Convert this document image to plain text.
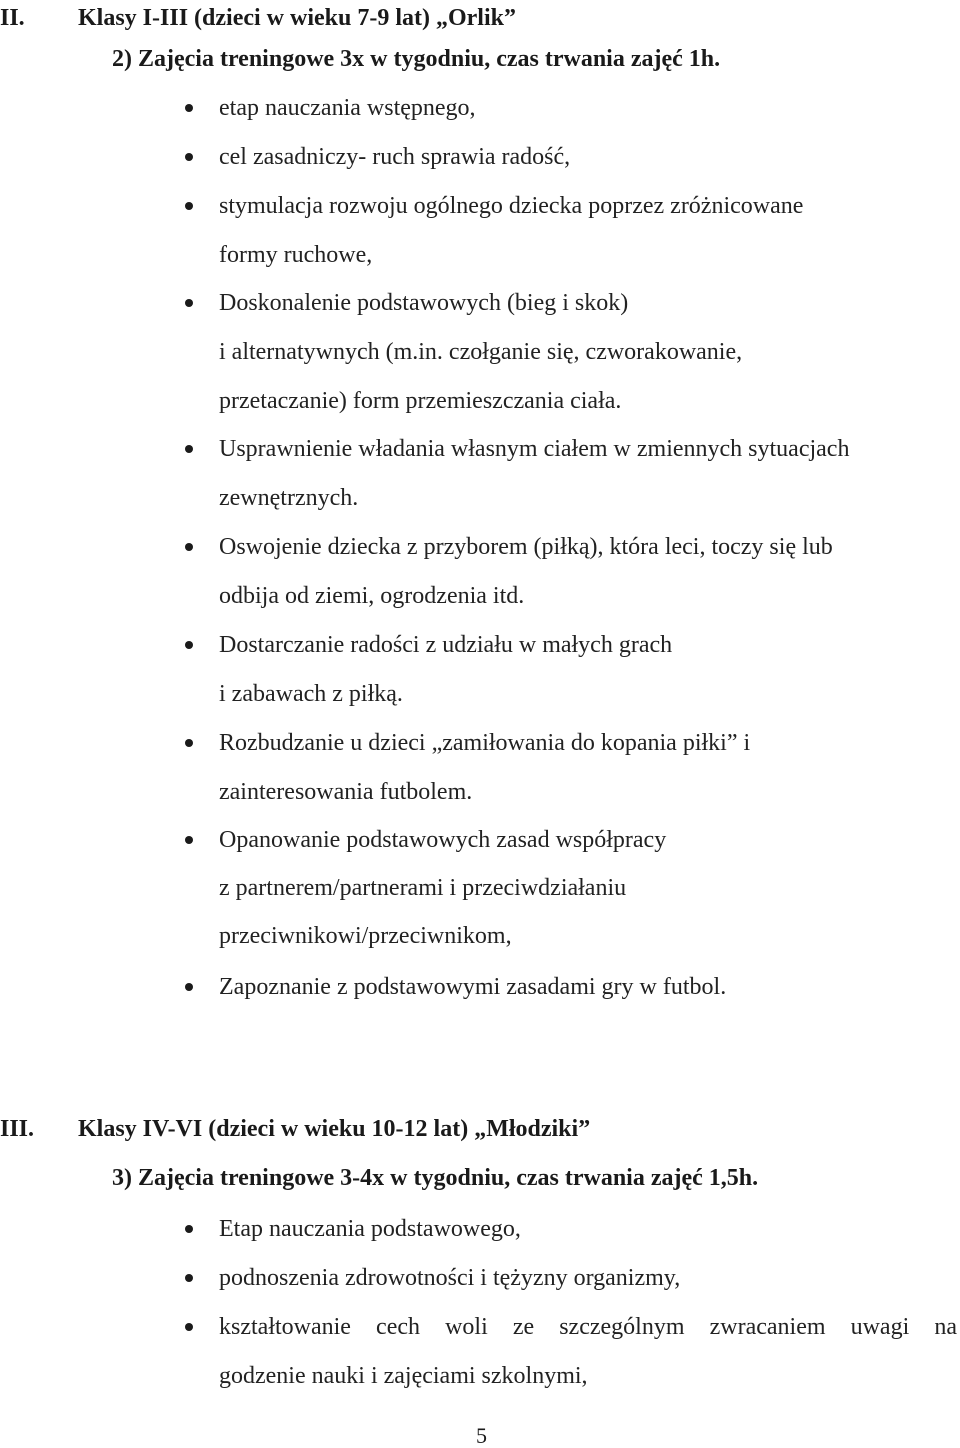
II. Klasy I-III (dzieci w wieku 7-9 lat) „Orlik”
2) Zajęcia treningowe 3x w tygodniu, czas trwania zajęć 1h.
etap nauczania wstępnego,
cel zasadniczy- ruch sprawia radość,
stymulacja rozwoju ogólnego dziecka poprzez zróżnicowane
formy ruchowe,
Doskonalenie podstawowych (bieg i skok)
i alternatywnych (m.in. czołganie się, czworakowanie,
przetaczanie) form przemieszczania ciała.
Usprawnienie władania własnym ciałem w zmiennych sytuacjach
zewnętrznych.
Oswojenie dziecka z przyborem (piłką), która leci, toczy się lub
odbija od ziemi, ogrodzenia itd.
Dostarczanie radości z udziału w małych grach
i zabawach z piłką.
Rozbudzanie u dzieci „zamiłowania do kopania piłki” i
zainteresowania futbolem.
Opanowanie podstawowych zasad współpracy
z partnerem/partnerami i przeciwdziałaniu
przeciwnikowi/przeciwnikom,
Zapoznanie z podstawowymi zasadami gry w futbol.
III. Klasy IV-VI (dzieci w wieku 10-12 lat) „Młodziki”
3) Zajęcia treningowe 3-4x w tygodniu, czas trwania zajęć 1,5h.
Etap nauczania podstawowego,
podnoszenia zdrowotności i tężyzny organizmy,
kształtowanie cech woli ze szczególnym zwracaniem uwagi na
godzenie nauki i zajęciami szkolnymi,
5
